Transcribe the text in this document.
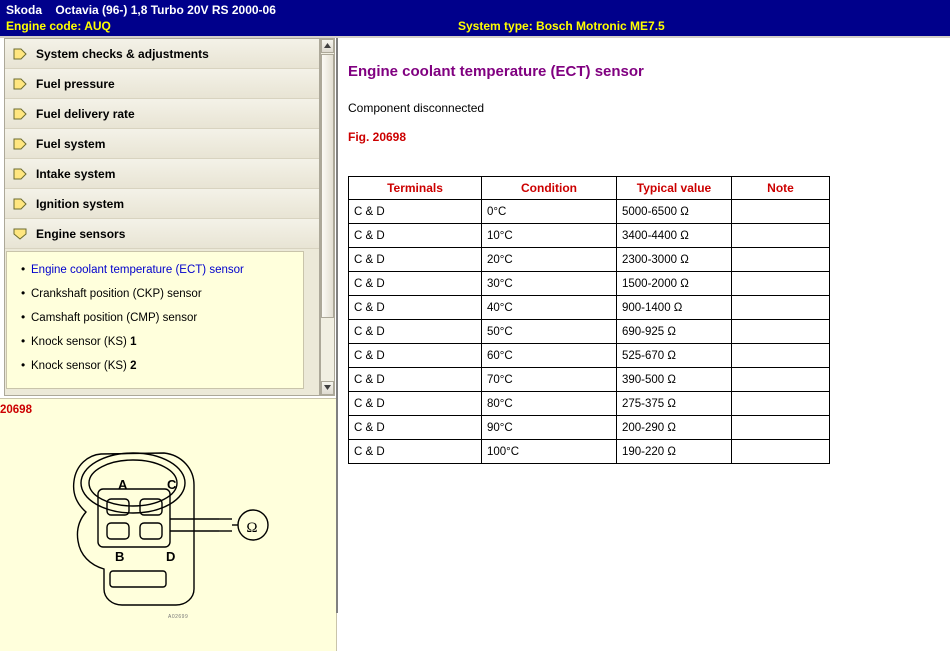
Skoda Octavia (96-) 1,8 Turbo 20V RS 2000-06
Engine code: AUQ	System type: Bosch Motronic ME7.5
System checks & adjustments
Fuel pressure
Fuel delivery rate
Fuel system
Intake system
Ignition system
Engine sensors
• Engine coolant temperature (ECT) sensor
• Crankshaft position (CKP) sensor
• Camshaft position (CMP) sensor
• Knock sensor (KS) 1
• Knock sensor (KS) 2
20698
Ω
A	C
B	D
A02699
Engine coolant temperature (ECT) sensor
Component disconnected
Fig. 20698
Terminals	Condition	Typical value	Note
C & D	0°C	5000-6500 Ω	
C & D	10°C	3400-4400 Ω	
C & D	20°C	2300-3000 Ω	
C & D	30°C	1500-2000 Ω	
C & D	40°C	900-1400 Ω	
C & D	50°C	690-925 Ω	
C & D	60°C	525-670 Ω	
C & D	70°C	390-500 Ω	
C & D	80°C	275-375 Ω	
C & D	90°C	200-290 Ω	
C & D	100°C	190-220 Ω	
